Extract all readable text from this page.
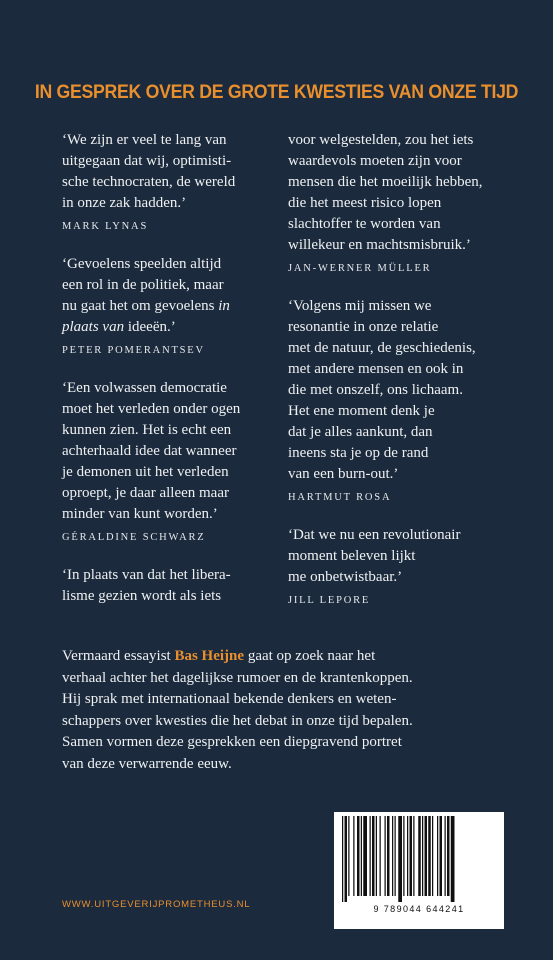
IN GESPREK OVER DE GROTE KWESTIES VAN ONZE TIJD

‘We zijn er veel te lang van
uitgegaan dat wij, optimisti-
sche technocraten, de wereld
in onze zak hadden.’

MARK LYNAS

‘Gevoelens speelden altijd
een rol in de politiek, maar
nu gaat het om gevoelens in
plaats van ideeën.’

PETER POMERANTSEV

‘Een volwassen democratie
moet het verleden onder ogen
kunnen zien. Het is echt een
achterhaald idee dat wanneer
je demonen uit het verleden
oproept, je daar alleen maar
minder van kunt worden.’

GÉRALDINE SCHWARZ

‘In plaats van dat het libera-
lisme gezien wordt als iets

voor welgestelden, zou het iets
waardevols moeten zijn voor
mensen die het moeilijk hebben,
die het meest risico lopen
slachtoffer te worden van
willekeur en machtsmisbruik.’

JAN-WERNER MÜLLER

‘Volgens mij missen we
resonantie in onze relatie
met de natuur, de geschiedenis,
met andere mensen en ook in
die met onszelf, ons lichaam.
Het ene moment denk je
dat je alles aankunt, dan
ineens sta je op de rand
van een burn-out.’

HARTMUT ROSA

‘Dat we nu een revolutionair
moment beleven lijkt
me onbetwistbaar.’

JILL LEPORE

Vermaard essayist Bas Heijne gaat op zoek naar het
verhaal achter het dagelijkse rumoer en de krantenkoppen.
Hij sprak met internationaal bekende denkers en weten-
schappers over kwesties die het debat in onze tijd bepalen.
Samen vormen deze gesprekken een diepgravend portret
van deze verwarrende eeuw.

WWW.UITGEVERIJPROMETHEUS.NL	9 789044 644241
